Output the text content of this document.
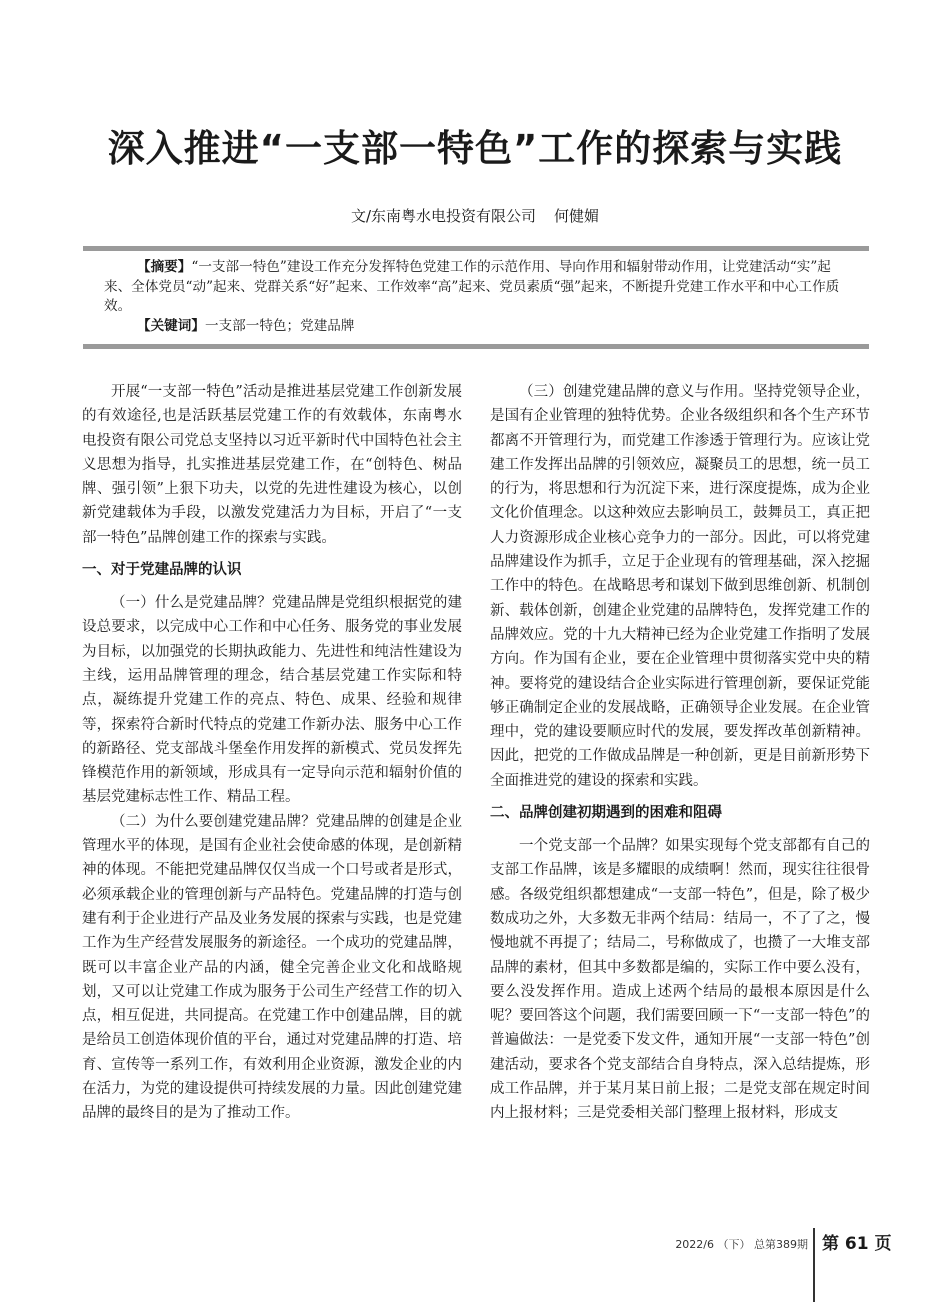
深入推进“一支部一特色”工作的探索与实践
文/东南粤水电投资有限公司 何健媚

【摘要】“一支部一特色”建设工作充分发挥特色党建工作的示范作用、导向作用和辐射带动作用，让党建活动“实”起来、全体党员“动”起来、党群关系“好”起来、工作效率“高”起来、党员素质“强”起来，不断提升党建工作水平和中心工作质效。

【关键词】一支部一特色；党建品牌

开展“一支部一特色”活动是推进基层党建工作创新发展的有效途径,也是活跃基层党建工作的有效载体，东南粤水电投资有限公司党总支坚持以习近平新时代中国特色社会主义思想为指导，扎实推进基层党建工作，在“创特色、树品牌、强引领”上狠下功夫，以党的先进性建设为核心，以创新党建载体为手段，以激发党建活力为目标，开启了“一支部一特色”品牌创建工作的探索与实践。

一、对于党建品牌的认识

（一）什么是党建品牌？党建品牌是党组织根据党的建设总要求，以完成中心工作和中心任务、服务党的事业发展为目标，以加强党的长期执政能力、先进性和纯洁性建设为主线，运用品牌管理的理念，结合基层党建工作实际和特点，凝练提升党建工作的亮点、特色、成果、经验和规律等，探索符合新时代特点的党建工作新办法、服务中心工作的新路径、党支部战斗堡垒作用发挥的新模式、党员发挥先锋模范作用的新领域，形成具有一定导向示范和辐射价值的基层党建标志性工作、精品工程。

（二）为什么要创建党建品牌？党建品牌的创建是企业管理水平的体现，是国有企业社会使命感的体现，是创新精神的体现。不能把党建品牌仅仅当成一个口号或者是形式，必须承载企业的管理创新与产品特色。党建品牌的打造与创建有利于企业进行产品及业务发展的探索与实践，也是党建工作为生产经营发展服务的新途径。一个成功的党建品牌，既可以丰富企业产品的内涵，健全完善企业文化和战略规划，又可以让党建工作成为服务于公司生产经营工作的切入点，相互促进，共同提高。在党建工作中创建品牌，目的就是给员工创造体现价值的平台，通过对党建品牌的打造、培育、宣传等一系列工作，有效利用企业资源，激发企业的内在活力，为党的建设提供可持续发展的力量。因此创建党建品牌的最终目的是为了推动工作。

（三）创建党建品牌的意义与作用。坚持党领导企业，是国有企业管理的独特优势。企业各级组织和各个生产环节都离不开管理行为，而党建工作渗透于管理行为。应该让党建工作发挥出品牌的引领效应，凝聚员工的思想，统一员工的行为，将思想和行为沉淀下来，进行深度提炼，成为企业文化价值理念。以这种效应去影响员工，鼓舞员工，真正把人力资源形成企业核心竞争力的一部分。因此，可以将党建品牌建设作为抓手，立足于企业现有的管理基础，深入挖掘工作中的特色。在战略思考和谋划下做到思维创新、机制创新、载体创新，创建企业党建的品牌特色，发挥党建工作的品牌效应。党的十九大精神已经为企业党建工作指明了发展方向。作为国有企业，要在企业管理中贯彻落实党中央的精神。要将党的建设结合企业实际进行管理创新，要保证党能够正确制定企业的发展战略，正确领导企业发展。在企业管理中，党的建设要顺应时代的发展，要发挥改革创新精神。因此，把党的工作做成品牌是一种创新，更是目前新形势下全面推进党的建设的探索和实践。

二、品牌创建初期遇到的困难和阻碍

一个党支部一个品牌？如果实现每个党支部都有自己的支部工作品牌，该是多耀眼的成绩啊！然而，现实往往很骨感。各级党组织都想建成“一支部一特色”，但是，除了极少数成功之外，大多数无非两个结局：结局一，不了了之，慢慢地就不再提了；结局二，号称做成了，也攒了一大堆支部品牌的素材，但其中多数都是编的，实际工作中要么没有，要么没发挥作用。造成上述两个结局的最根本原因是什么呢？要回答这个问题，我们需要回顾一下“一支部一特色”的普遍做法：一是党委下发文件，通知开展“一支部一特色”创建活动，要求各个党支部结合自身特点，深入总结提炼，形成工作品牌，并于某月某日前上报；二是党支部在规定时间内上报材料；三是党委相关部门整理上报材料，形成支

2022/6 （下） 总第389期 第 61 页
